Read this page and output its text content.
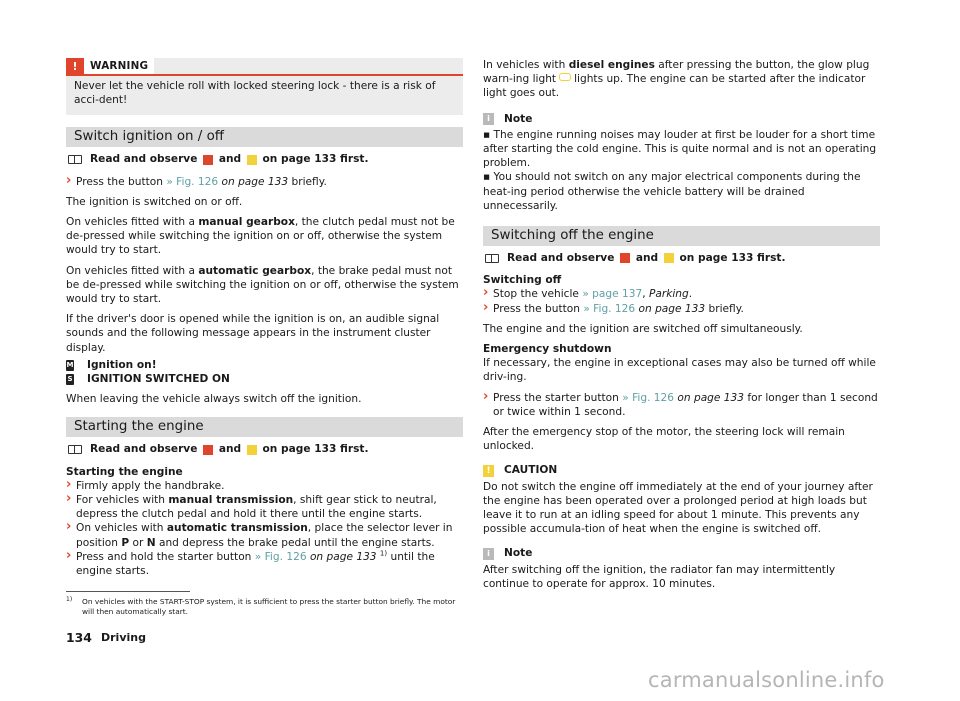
!	WARNING
Never let the vehicle roll with locked steering lock - there is a risk of acci-dent!
Switch ignition on / off
Read and observe

and

on page 133 first.
› Press the button » Fig. 126 on page 133 briefly.

The ignition is switched on or off.

On vehicles fitted with a manual gearbox, the clutch pedal must not be de-pressed while switching the ignition on or off, otherwise the system would try to start.

On vehicles fitted with a automatic gearbox, the brake pedal must not be de-pressed while switching the ignition on or off, otherwise the system would try to start.

If the driver's door is opened while the ignition is on, an audible signal sounds and the following message appears in the instrument cluster display.

M Ignition on!
S IGNITION SWITCHED ON

When leaving the vehicle always switch off the ignition.

Starting the engine
Read and observe

and

on page 133 first.

Starting the engine

› Firmly apply the handbrake.
› For vehicles with manual transmission, shift gear stick to neutral, depress the clutch pedal and hold it there until the engine starts.
› On vehicles with automatic transmission, place the selector lever in position P or N and depress the brake pedal until the engine starts.
› Press and hold the starter button » Fig. 126 on page 133 $^{1)}$ until the engine starts.

In vehicles with diesel engines after pressing the button, the glow plug warn-ing light lights up. The engine can be started after the indicator light goes out.

i	Note

▪ The engine running noises may louder at first be louder for a short time after starting the cold engine. This is quite normal and is not an operating problem.

▪ You should not switch on any major electrical components during the heat-ing period otherwise the vehicle battery will be drained unnecessarily.

Switching off the engine
Read and observe

and

on page 133 first.

Switching off

› Stop the vehicle » page 137, Parking.
› Press the button » Fig. 126 on page 133 briefly.

The engine and the ignition are switched off simultaneously.

Emergency shutdown

If necessary, the engine in exceptional cases may also be turned off while driv-ing.

› Press the starter button » Fig. 126 on page 133 for longer than 1 second or twice within 1 second.

After the emergency stop of the motor, the steering lock will remain unlocked.

!	CAUTION

Do not switch the engine off immediately at the end of your journey after the engine has been operated over a prolonged period at high loads but leave it to run at an idling speed for about 1 minute. This prevents any possible accumula-tion of heat when the engine is switched off.

i	Note

After switching off the ignition, the radiator fan may intermittently continue to operate for approx. 10 minutes.

1) On vehicles with the START-STOP system, it is sufficient to press the starter button briefly. The motor will then automatically start.
134 Driving
carmanualsonline.info
